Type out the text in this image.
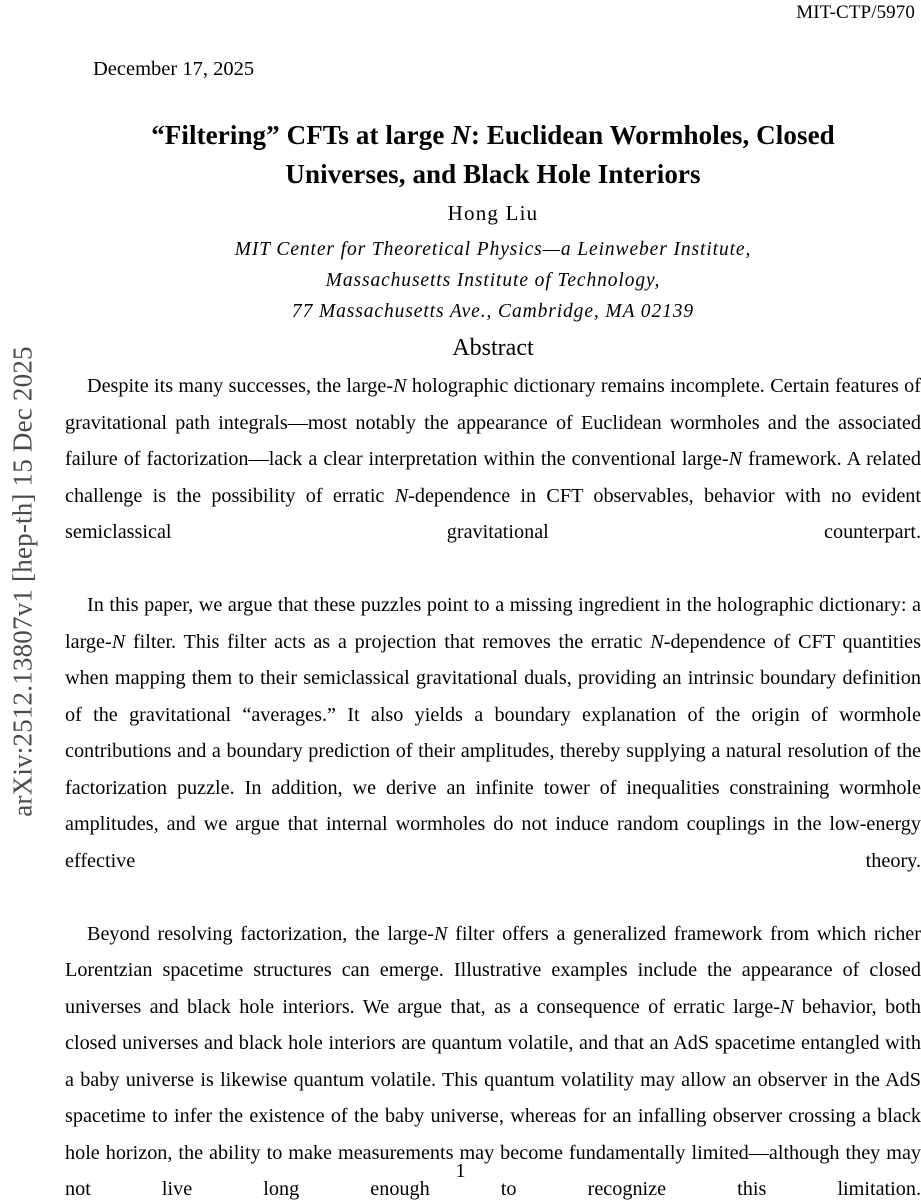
MIT-CTP/5970
arXiv:2512.13807v1 [hep-th] 15 Dec 2025
December 17, 2025
“Filtering” CFTs at large N: Euclidean Wormholes, Closed
Universes, and Black Hole Interiors
Hong Liu
MIT Center for Theoretical Physics—a Leinweber Institute,
Massachusetts Institute of Technology,
77 Massachusetts Ave., Cambridge, MA 02139
Abstract

Despite its many successes, the large-N holographic dictionary remains incomplete. Certain features of gravitational path integrals—most notably the appearance of Euclidean wormholes and the associated failure of factorization—lack a clear interpretation within the conventional large-N framework. A related challenge is the possibility of erratic N-dependence in CFT observables, behavior with no evident semiclassical gravitational counterpart.

In this paper, we argue that these puzzles point to a missing ingredient in the holographic dictionary: a large-N filter. This filter acts as a projection that removes the erratic N-dependence of CFT quantities when mapping them to their semiclassical gravitational duals, providing an intrinsic boundary definition of the gravitational “averages.” It also yields a boundary explanation of the origin of wormhole contributions and a boundary prediction of their amplitudes, thereby supplying a natural resolution of the factorization puzzle. In addition, we derive an infinite tower of inequalities constraining wormhole amplitudes, and we argue that internal wormholes do not induce random couplings in the low-energy effective theory.

Beyond resolving factorization, the large-N filter offers a generalized framework from which richer Lorentzian spacetime structures can emerge. Illustrative examples include the appearance of closed universes and black hole interiors. We argue that, as a consequence of erratic large-N behavior, both closed universes and black hole interiors are quantum volatile, and that an AdS spacetime entangled with a baby universe is likewise quantum volatile. This quantum volatility may allow an observer in the AdS spacetime to infer the existence of the baby universe, whereas for an infalling observer crossing a black hole horizon, the ability to make measurements may become fundamentally limited—although they may not live long enough to recognize this limitation.

1
